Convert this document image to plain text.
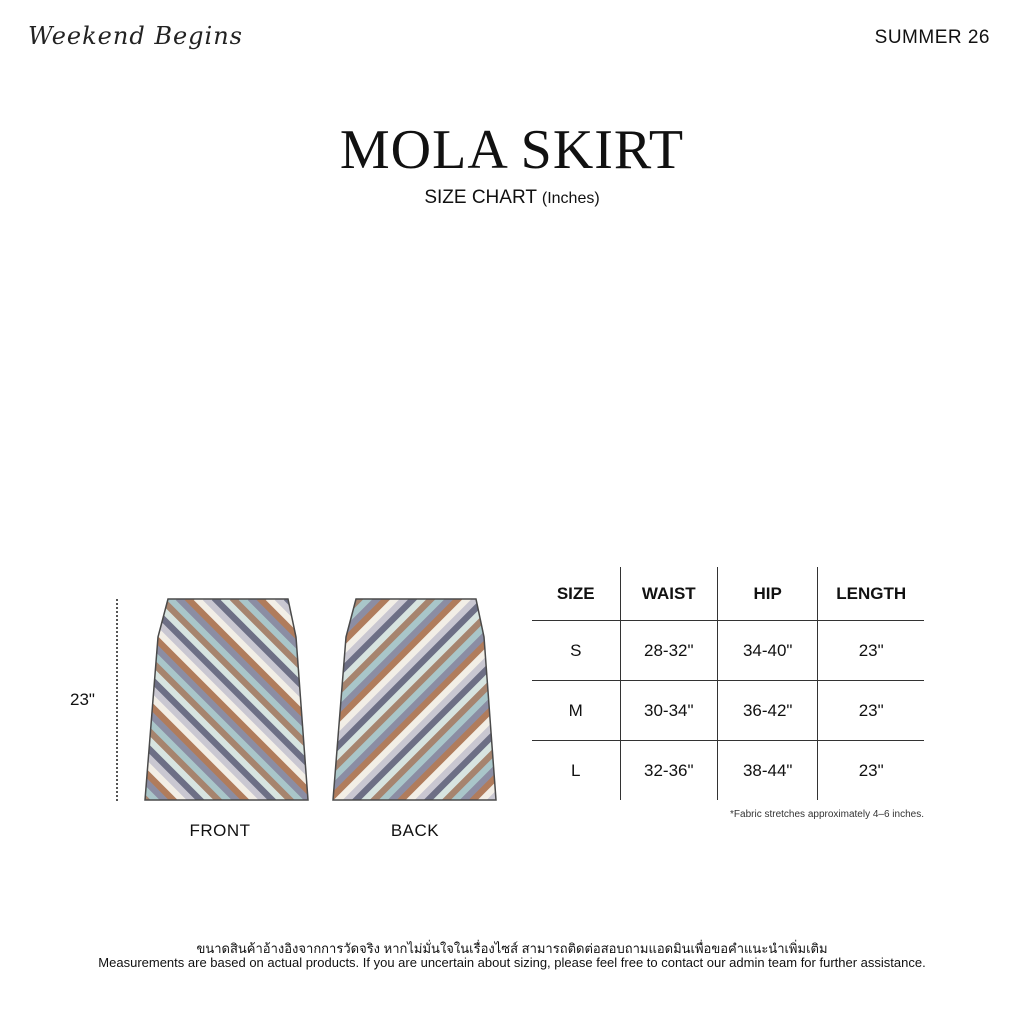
Weekend Begins	SUMMER 26
MOLA SKIRT
SIZE CHART (Inches)
23"
FRONT	BACK
SIZE	WAIST	HIP	LENGTH
S	28-32"	34-40"	23"
M	30-34"	36-42"	23"
L	32-36"	38-44"	23"
*Fabric stretches approximately 4–6 inches.
ขนาดสินค้าอ้างอิงจากการวัดจริง หากไม่มั่นใจในเรื่องไซส์ สามารถติดต่อสอบถามแอดมินเพื่อขอคำแนะนำเพิ่มเติม
Measurements are based on actual products. If you are uncertain about sizing, please feel free to contact our admin team for further assistance.
